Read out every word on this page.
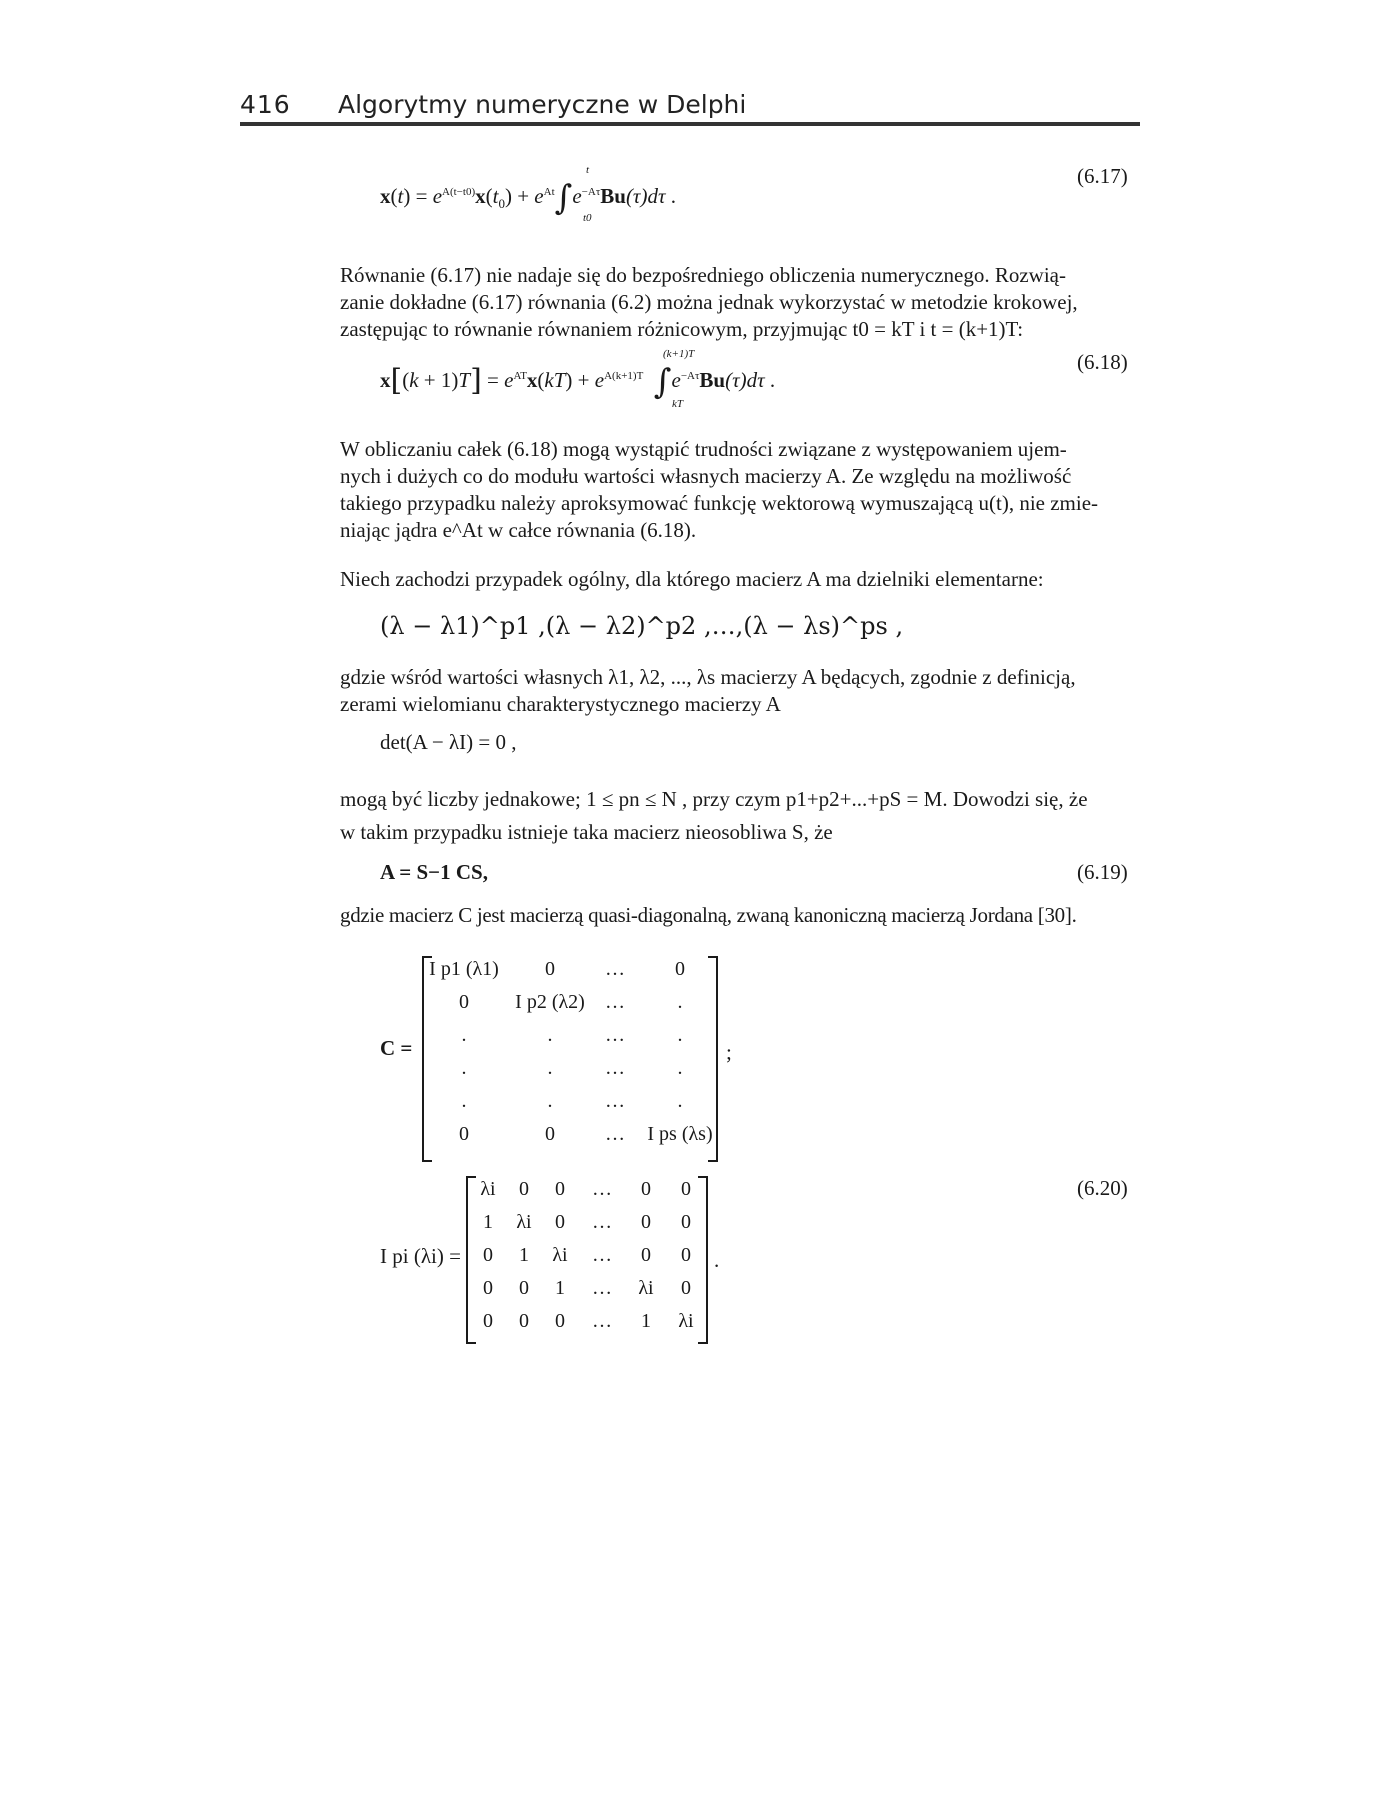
416 Algorytmy numeryczne w Delphi
$x(t) = e^{A(t-t0)}x(t_0) + e^{At}\int e^{-A\tau}Bu(\tau)d\tau$ .
t
t0
(6.17)
Równanie (6.17) nie nadaje się do bezpośredniego obliczenia numerycznego. Rozwią-
zanie dokładne (6.17) równania (6.2) można jednak wykorzystać w metodzie krokowej,
zastępując to równanie równaniem różnicowym, przyjmując t0 = kT i t = (k+1)T:
$x[(k + 1)T] = e^{AT}x(kT) + e^{A(k+1)T}$ $\int e^{-A\tau}Bu(\tau)d\tau$ .
(k+1)T
kT
(6.18)
W obliczaniu całek (6.18) mogą wystąpić trudności związane z występowaniem ujem-
nych i dużych co do modułu wartości własnych macierzy A. Ze względu na możliwość
takiego przypadku należy aproksymować funkcję wektorową wymuszającą u(t), nie zmie-
niając jądra e^At w całce równania (6.18).
Niech zachodzi przypadek ogólny, dla którego macierz A ma dzielniki elementarne:
(λ − λ1)^p1 ,(λ − λ2)^p2 ,…,(λ − λs)^ps ,
gdzie wśród wartości własnych λ1, λ2, ..., λs macierzy A będących, zgodnie z definicją,
zerami wielomianu charakterystycznego macierzy A
det(A − λI) = 0 ,
mogą być liczby jednakowe; 1 ≤ pn ≤ N , przy czym p1+p2+...+pS = M. Dowodzi się, że
w takim przypadku istnieje taka macierz nieosobliwa S, że
A = S−1 CS,	(6.19)
gdzie macierz C jest macierzą quasi-diagonalną, zwaną kanoniczną macierzą Jordana [30].
C =
I p1 (λ1)	0	…	0
0	I p2 (λ2)	…	.
.	.	…	.
.	.	…	.
.	.	…	.
0	0	…	I ps (λs)
;
I pi (λi) =
λi	0	0	…	0	0
1	λi	0	…	0	0
0	1	λi	…	0	0
0	0	1	…	λi	0
0	0	0	…	1	λi
.
(6.20)
